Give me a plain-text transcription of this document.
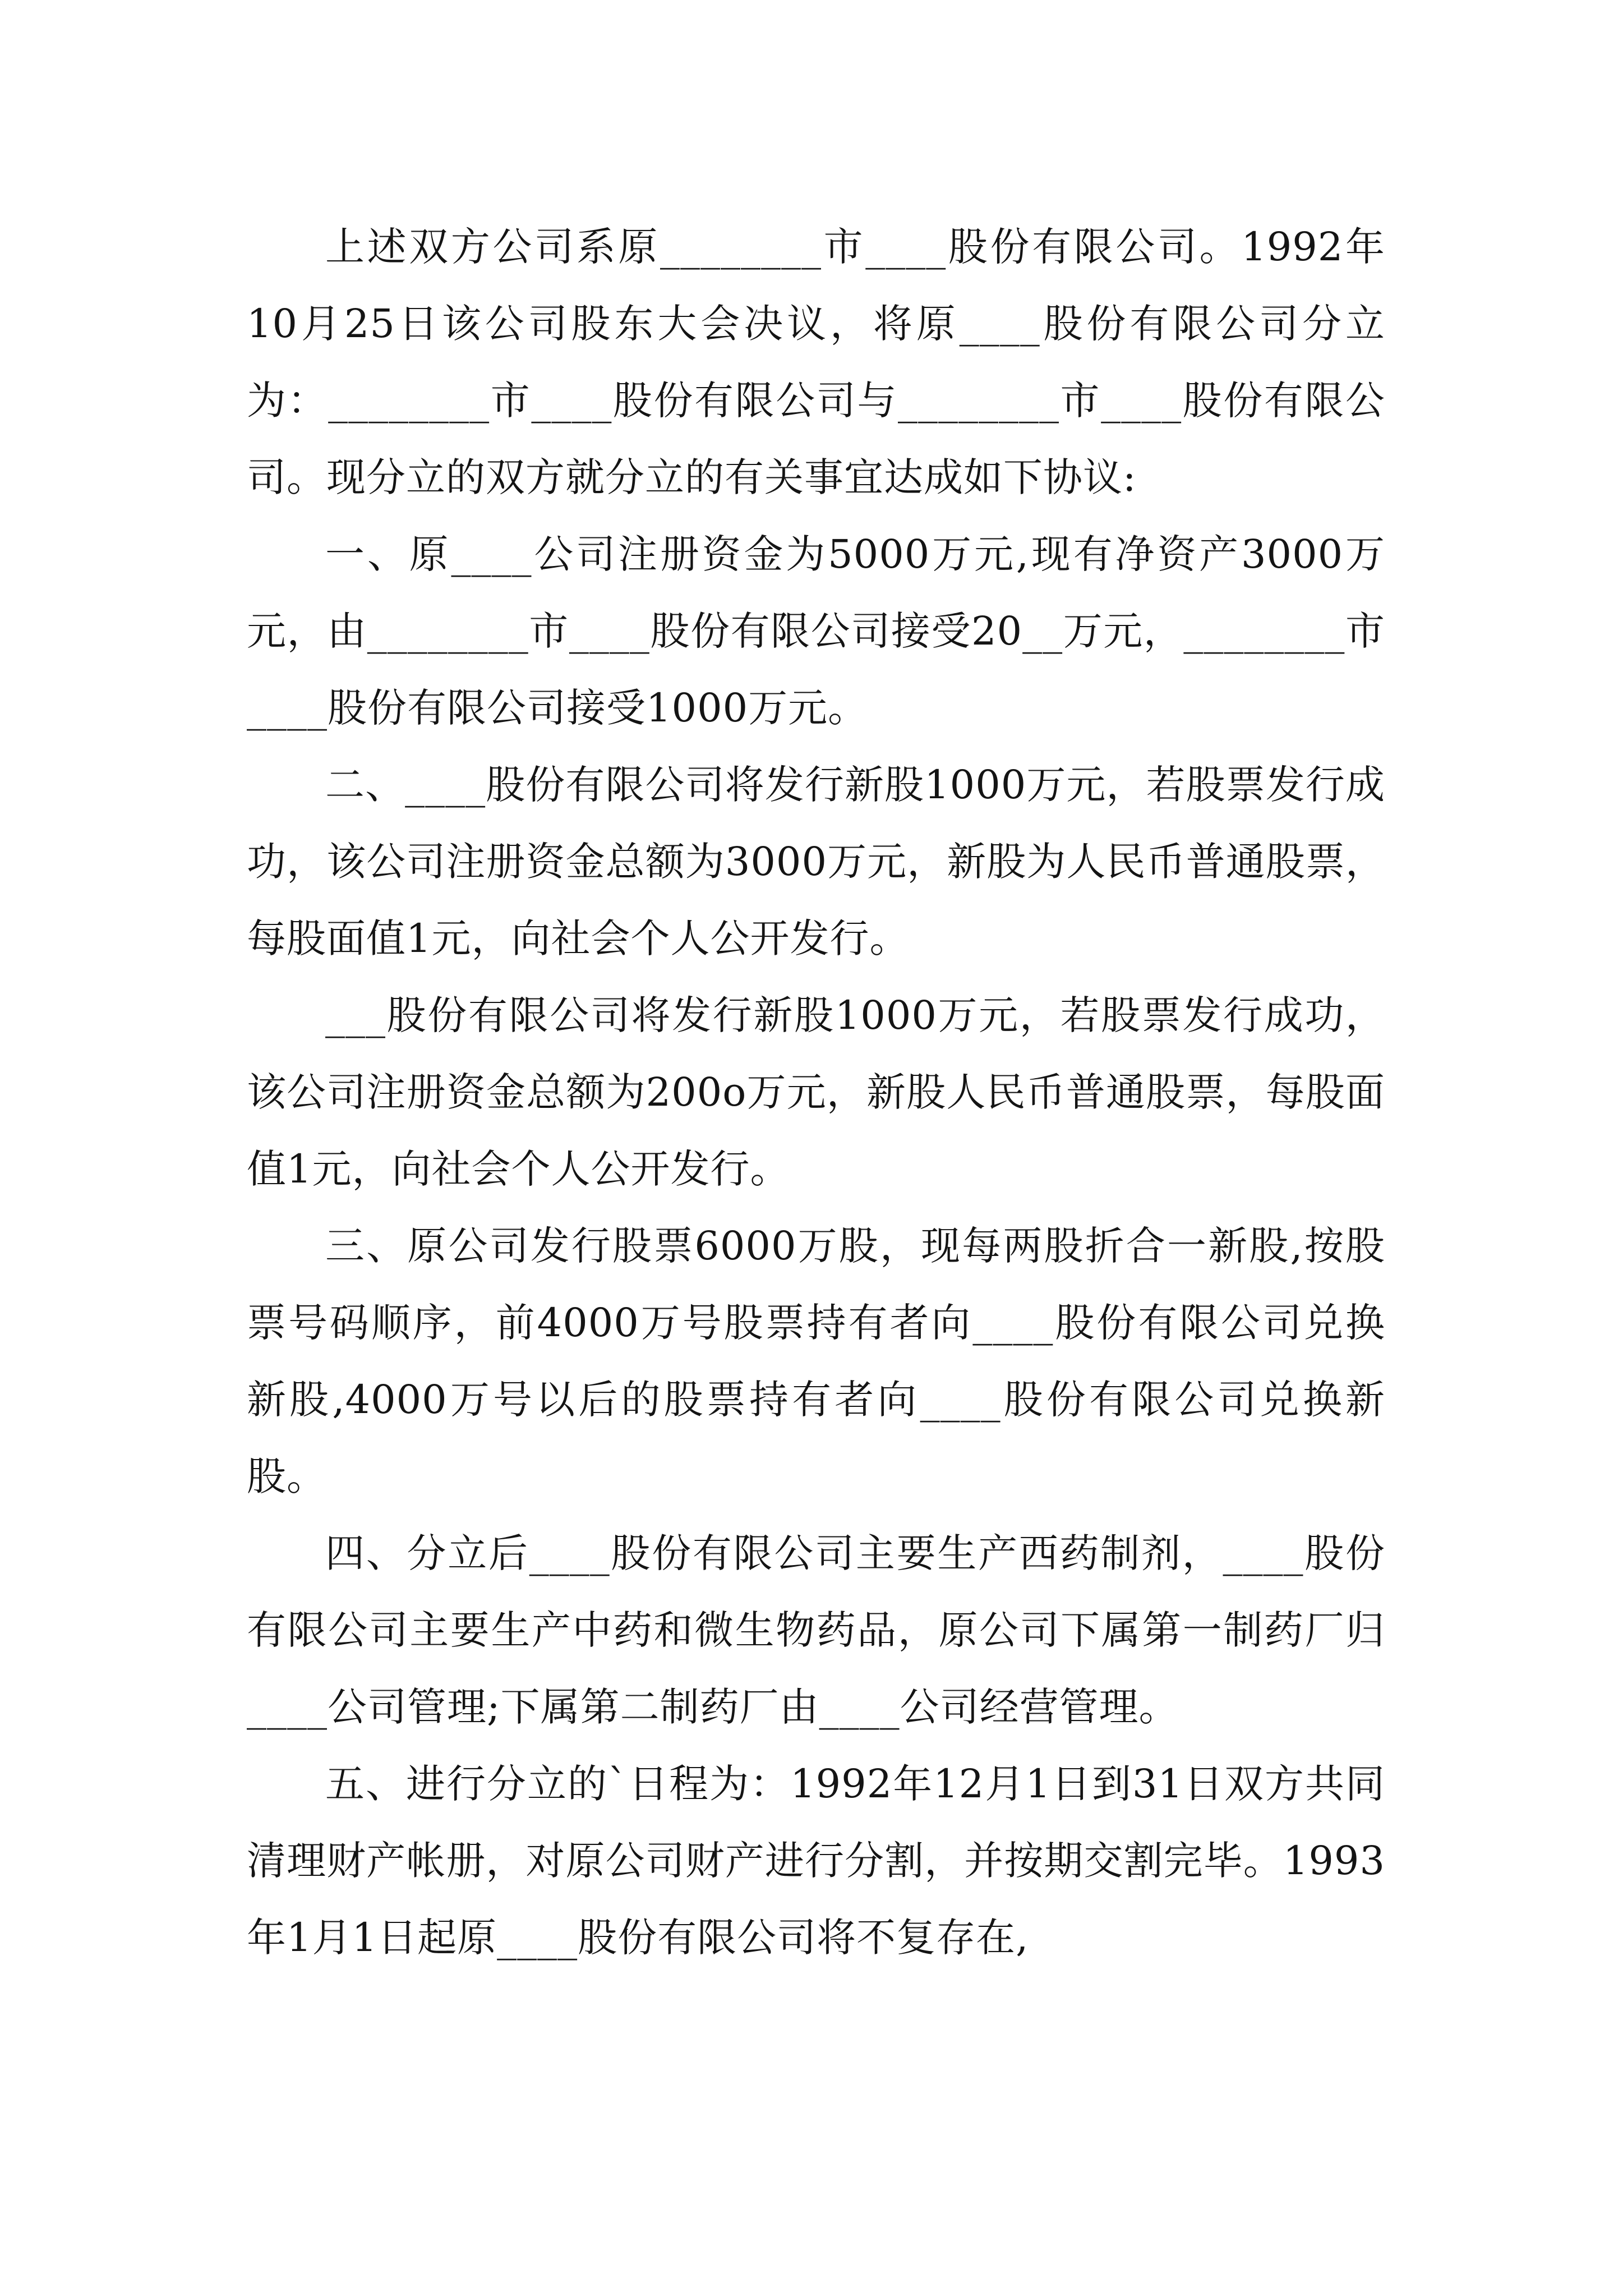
上述双方公司系原________市____股份有限公司。1992年10月25日该公司股东大会决议，将原____股份有限公司分立为：________市____股份有限公司与________市____股份有限公司。现分立的双方就分立的有关事宜达成如下协议:

一、原____公司注册资金为5000万元,现有净资产3000万元，由________市____股份有限公司接受20__万元，________市____股份有限公司接受1000万元。

二、____股份有限公司将发行新股1000万元，若股票发行成功，该公司注册资金总额为3000万元，新股为人民币普通股票，每股面值1元，向社会个人公开发行。

___股份有限公司将发行新股1000万元，若股票发行成功，该公司注册资金总额为200o万元，新股人民币普通股票，每股面值1元，向社会个人公开发行。

三、原公司发行股票6000万股，现每两股折合一新股,按股票号码顺序，前4000万号股票持有者向____股份有限公司兑换新股,4000万号以后的股票持有者向____股份有限公司兑换新股。

四、分立后____股份有限公司主要生产西药制剂，____股份有限公司主要生产中药和微生物药品，原公司下属第一制药厂归____公司管理;下属第二制药厂由____公司经营管理。

五、进行分立的`日程为：1992年12月1日到31日双方共同清理财产帐册，对原公司财产进行分割，并按期交割完毕。1993年1月1日起原____股份有限公司将不复存在,
